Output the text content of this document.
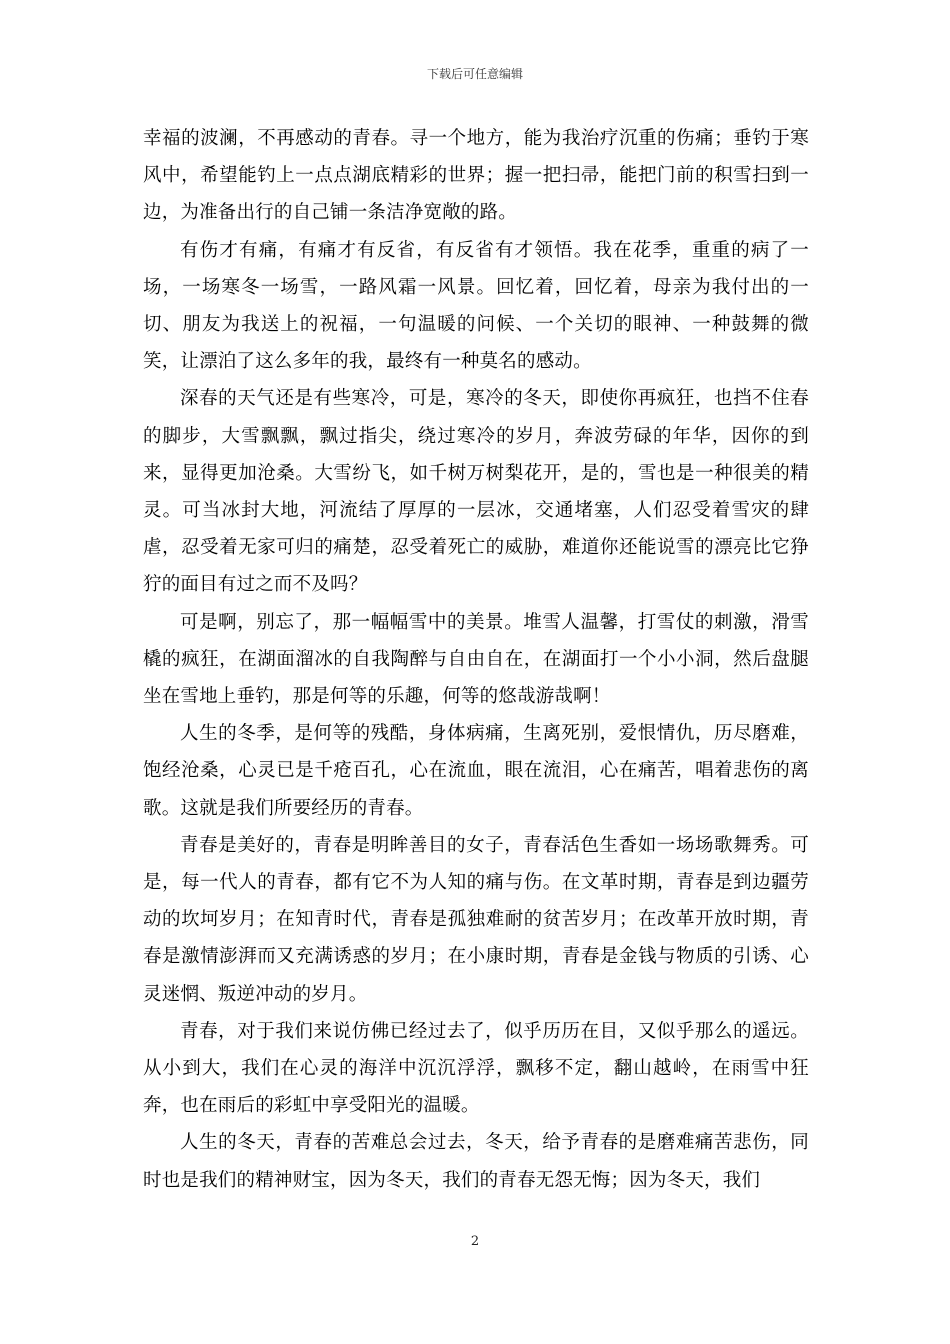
下载后可任意编辑

幸福的波澜，不再感动的青春。寻一个地方，能为我治疗沉重的伤痛；垂钓于寒风中，希望能钓上一点点湖底精彩的世界；握一把扫帚，能把门前的积雪扫到一边，为准备出行的自己铺一条洁净宽敞的路。

有伤才有痛，有痛才有反省，有反省有才领悟。我在花季，重重的病了一场，一场寒冬一场雪，一路风霜一风景。回忆着，回忆着，母亲为我付出的一切、朋友为我送上的祝福，一句温暖的问候、一个关切的眼神、一种鼓舞的微笑，让漂泊了这么多年的我，最终有一种莫名的感动。

深春的天气还是有些寒冷，可是，寒冷的冬天，即使你再疯狂，也挡不住春的脚步，大雪飘飘，飘过指尖，绕过寒冷的岁月，奔波劳碌的年华，因你的到来，显得更加沧桑。大雪纷飞，如千树万树梨花开，是的，雪也是一种很美的精灵。可当冰封大地，河流结了厚厚的一层冰，交通堵塞，人们忍受着雪灾的肆虐，忍受着无家可归的痛楚，忍受着死亡的威胁，难道你还能说雪的漂亮比它狰狞的面目有过之而不及吗？

可是啊，别忘了，那一幅幅雪中的美景。堆雪人温馨，打雪仗的刺激，滑雪橇的疯狂，在湖面溜冰的自我陶醉与自由自在，在湖面打一个小小洞，然后盘腿坐在雪地上垂钓，那是何等的乐趣，何等的悠哉游哉啊！

人生的冬季，是何等的残酷，身体病痛，生离死别，爱恨情仇，历尽磨难，饱经沧桑，心灵已是千疮百孔，心在流血，眼在流泪，心在痛苦，唱着悲伤的离歌。这就是我们所要经历的青春。

青春是美好的，青春是明眸善目的女子，青春活色生香如一场场歌舞秀。可是，每一代人的青春，都有它不为人知的痛与伤。在文革时期，青春是到边疆劳动的坎坷岁月；在知青时代，青春是孤独难耐的贫苦岁月；在改革开放时期，青春是激情澎湃而又充满诱惑的岁月；在小康时期，青春是金钱与物质的引诱、心灵迷惘、叛逆冲动的岁月。

青春，对于我们来说仿佛已经过去了，似乎历历在目，又似乎那么的遥远。从小到大，我们在心灵的海洋中沉沉浮浮，飘移不定，翻山越岭，在雨雪中狂奔，也在雨后的彩虹中享受阳光的温暖。

人生的冬天，青春的苦难总会过去，冬天，给予青春的是磨难痛苦悲伤，同时也是我们的精神财宝，因为冬天，我们的青春无怨无悔；因为冬天，我们

2
